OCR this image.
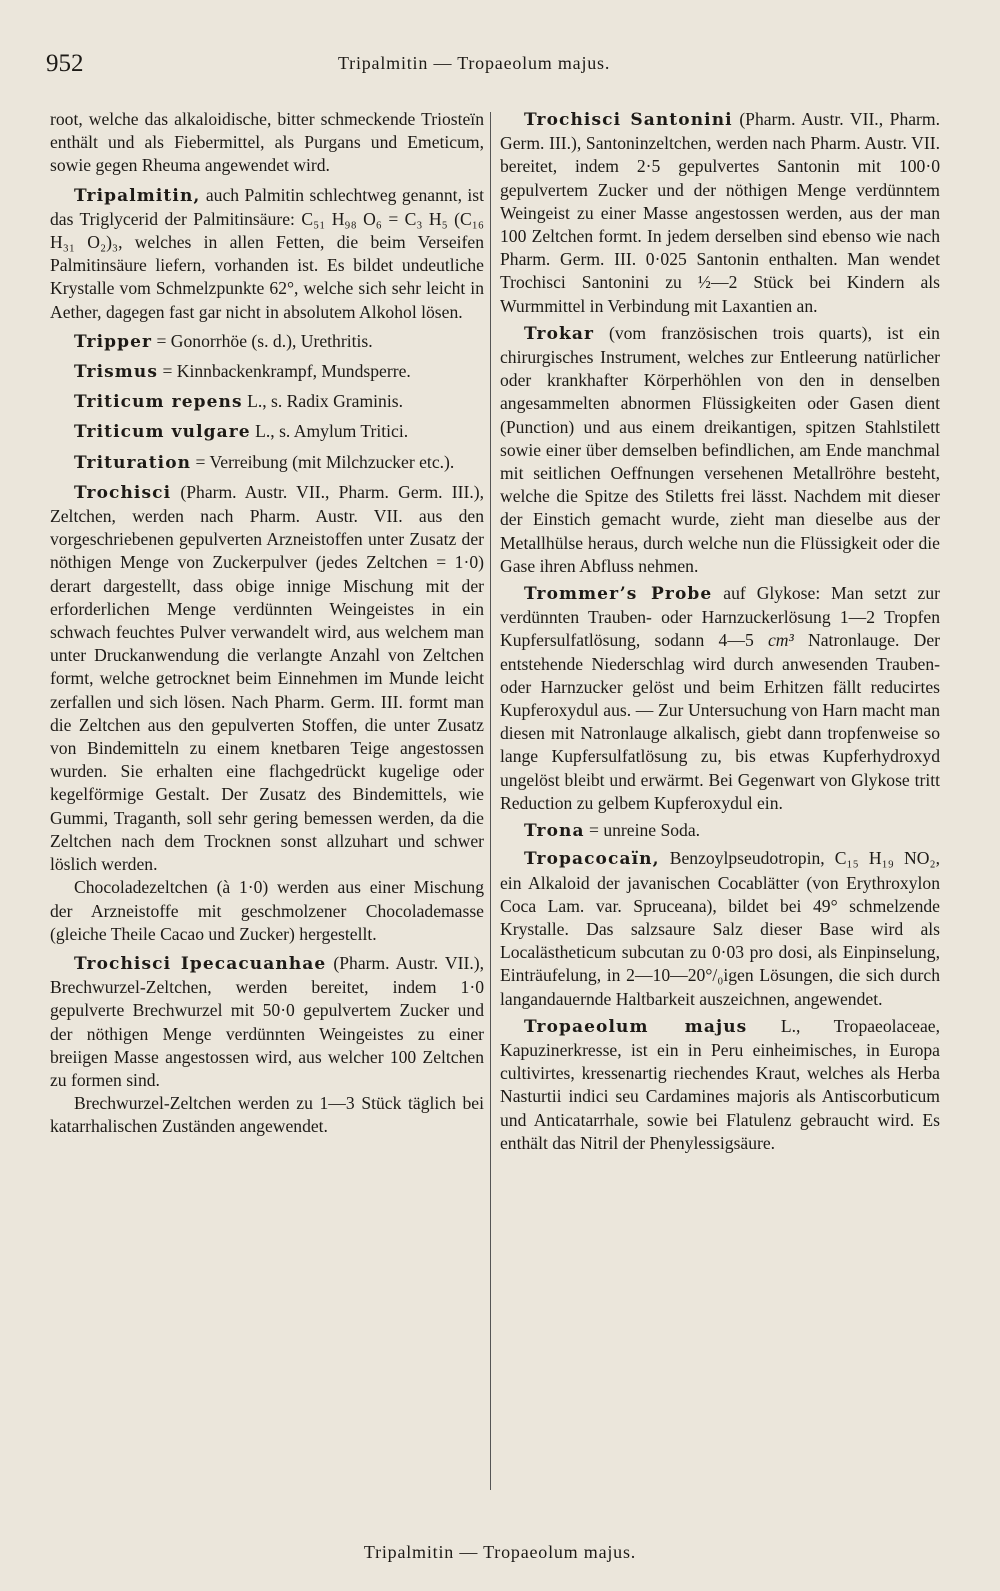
952	Tripalmitin — Tropaeolum majus.

root, welche das alkaloidische, bitter schmeckende Triosteïn enthält und als Fiebermittel, als Purgans und Emeticum, sowie gegen Rheuma angewendet wird.

Tripalmitin, auch Palmitin schlechtweg genannt, ist das Triglycerid der Palmitinsäure: C₅₁ H₉₈ O₆ = C₃ H₅ (C₁₆ H₃₁ O₂)₃, welches in allen Fetten, die beim Verseifen Palmitinsäure liefern, vorhanden ist. Es bildet undeutliche Krystalle vom Schmelzpunkte 62°, welche sich sehr leicht in Aether, dagegen fast gar nicht in absolutem Alkohol lösen.

Tripper = Gonorrhöe (s. d.), Urethritis.

Trismus = Kinnbackenkrampf, Mundsperre.

Triticum repens L., s. Radix Graminis.

Triticum vulgare L., s. Amylum Tritici.

Trituration = Verreibung (mit Milchzucker etc.).

Trochisci (Pharm. Austr. VII., Pharm. Germ. III.), Zeltchen, werden nach Pharm. Austr. VII. aus den vorgeschriebenen gepulverten Arzneistoffen unter Zusatz der nöthigen Menge von Zuckerpulver (jedes Zeltchen = 1·0) derart dargestellt, dass obige innige Mischung mit der erforderlichen Menge verdünnten Weingeistes in ein schwach feuchtes Pulver verwandelt wird, aus welchem man unter Druckanwendung die verlangte Anzahl von Zeltchen formt, welche getrocknet beim Einnehmen im Munde leicht zerfallen und sich lösen. Nach Pharm. Germ. III. formt man die Zeltchen aus den gepulverten Stoffen, die unter Zusatz von Bindemitteln zu einem knetbaren Teige angestossen wurden. Sie erhalten eine flachgedrückt kugelige oder kegelförmige Gestalt. Der Zusatz des Bindemittels, wie Gummi, Traganth, soll sehr gering bemessen werden, da die Zeltchen nach dem Trocknen sonst allzuhart und schwer löslich werden.

Chocoladezeltchen (à 1·0) werden aus einer Mischung der Arzneistoffe mit geschmolzener Chocolademasse (gleiche Theile Cacao und Zucker) hergestellt.

Trochisci Ipecacuanhae (Pharm. Austr. VII.), Brechwurzel-Zeltchen, werden bereitet, indem 1·0 gepulverte Brechwurzel mit 50·0 gepulvertem Zucker und der nöthigen Menge verdünnten Weingeistes zu einer breiigen Masse angestossen wird, aus welcher 100 Zeltchen zu formen sind.

Brechwurzel-Zeltchen werden zu 1—3 Stück täglich bei katarrhalischen Zuständen angewendet.

Trochisci Santonini (Pharm. Austr. VII., Pharm. Germ. III.), Santoninzeltchen, werden nach Pharm. Austr. VII. bereitet, indem 2·5 gepulvertes Santonin mit 100·0 gepulvertem Zucker und der nöthigen Menge verdünntem Weingeist zu einer Masse angestossen werden, aus der man 100 Zeltchen formt. In jedem derselben sind ebenso wie nach Pharm. Germ. III. 0·025 Santonin enthalten. Man wendet Trochisci Santonini zu ½—2 Stück bei Kindern als Wurmmittel in Verbindung mit Laxantien an.

Trokar (vom französischen trois quarts), ist ein chirurgisches Instrument, welches zur Entleerung natürlicher oder krankhafter Körperhöhlen von den in denselben angesammelten abnormen Flüssigkeiten oder Gasen dient (Punction) und aus einem dreikantigen, spitzen Stahlstilett sowie einer über demselben befindlichen, am Ende manchmal mit seitlichen Oeffnungen versehenen Metallröhre besteht, welche die Spitze des Stiletts frei lässt. Nachdem mit dieser der Einstich gemacht wurde, zieht man dieselbe aus der Metallhülse heraus, durch welche nun die Flüssigkeit oder die Gase ihren Abfluss nehmen.

Trommer’s Probe auf Glykose: Man setzt zur verdünnten Trauben- oder Harnzuckerlösung 1—2 Tropfen Kupfersulfatlösung, sodann 4—5 cm³ Natronlauge. Der entstehende Niederschlag wird durch anwesenden Trauben- oder Harnzucker gelöst und beim Erhitzen fällt reducirtes Kupferoxydul aus. — Zur Untersuchung von Harn macht man diesen mit Natronlauge alkalisch, giebt dann tropfenweise so lange Kupfersulfatlösung zu, bis etwas Kupferhydroxyd ungelöst bleibt und erwärmt. Bei Gegenwart von Glykose tritt Reduction zu gelbem Kupferoxydul ein.

Trona = unreine Soda.

Tropacocaïn, Benzoylpseudotropin, C₁₅ H₁₉ NO₂, ein Alkaloid der javanischen Cocablätter (von Erythroxylon Coca Lam. var. Spruceana), bildet bei 49° schmelzende Krystalle. Das salzsaure Salz dieser Base wird als Localästheticum subcutan zu 0·03 pro dosi, als Einpinselung, Einträufelung, in 2—10—20°/₀igen Lösungen, die sich durch langandauernde Haltbarkeit auszeichnen, angewendet.

Tropaeolum majus L., Tropaeolaceae, Kapuzinerkresse, ist ein in Peru einheimisches, in Europa cultivirtes, kressenartig riechendes Kraut, welches als Herba Nasturtii indici seu Cardamines majoris als Antiscorbuticum und Anticatarrhale, sowie bei Flatulenz gebraucht wird. Es enthält das Nitril der Phenylessigsäure.

Tripalmitin — Tropaeolum majus.
